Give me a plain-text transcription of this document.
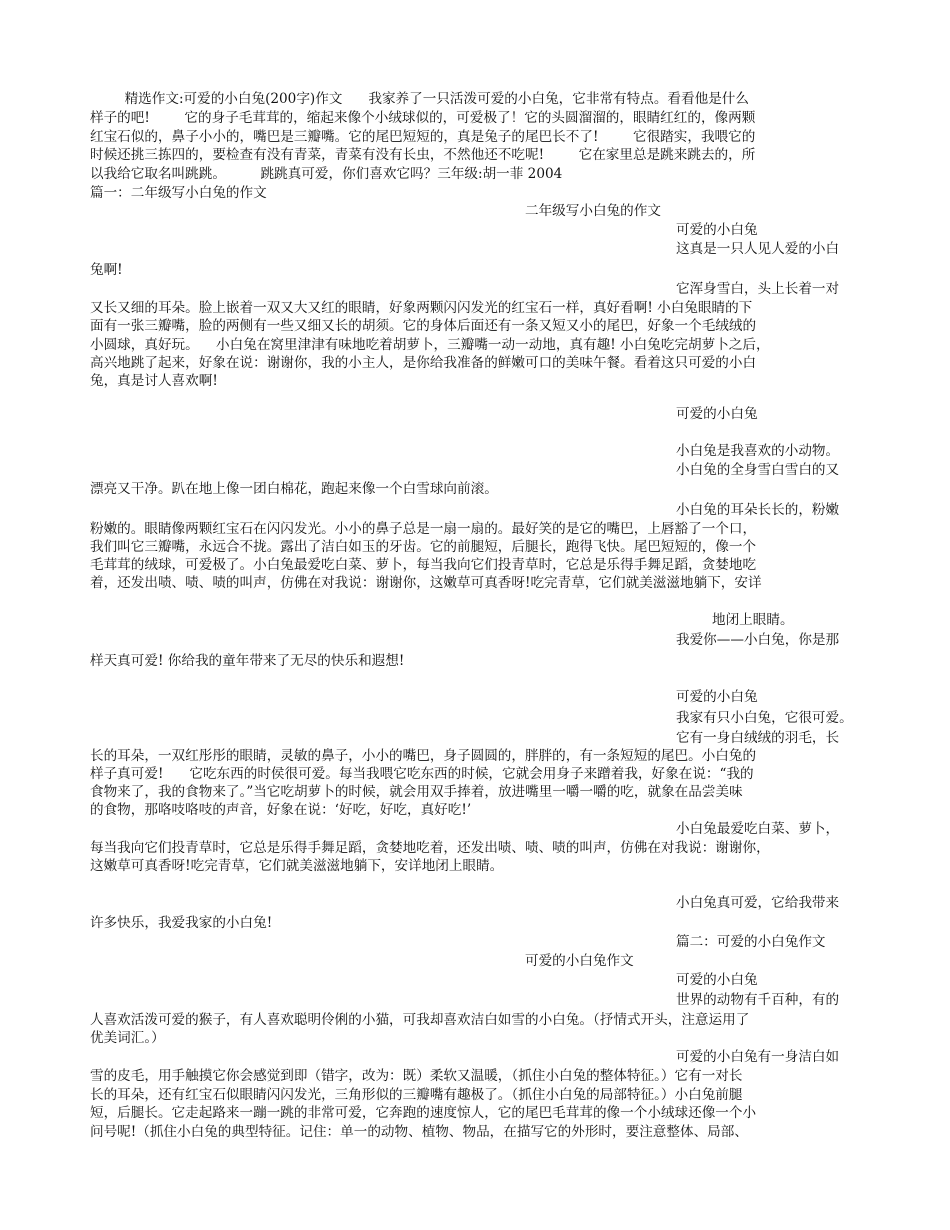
精选作文:可爱的小白兔(200字)作文      我家养了一只活泼可爱的小白兔，它非常有特点。看看他是什么
样子的吧!        它的身子毛茸茸的，缩起来像个小绒球似的，可爱极了！它的头圆溜溜的，眼睛红红的，像两颗
红宝石似的，鼻子小小的，嘴巴是三瓣嘴。它的尾巴短短的，真是兔子的尾巴长不了!        它很踏实，我喂它的
时候还挑三拣四的，要检查有没有青菜，青菜有没有长虫，不然他还不吃呢!        它在家里总是跳来跳去的，所
以我给它取名叫跳跳。        跳跳真可爱，你们喜欢它吗？三年级:胡一菲 2004
篇一：二年级写小白兔的作文
二年级写小白兔的作文
可爱的小白兔
这真是一只人见人爱的小白
兔啊!
它浑身雪白，头上长着一对
又长又细的耳朵。脸上嵌着一双又大又红的眼睛，好象两颗闪闪发光的红宝石一样，真好看啊! 小白兔眼睛的下
面有一张三瓣嘴，脸的两侧有一些又细又长的胡须。它的身体后面还有一条又短又小的尾巴，好象一个毛绒绒的
小圆球，真好玩。    小白兔在窝里津津有味地吃着胡萝卜，三瓣嘴一动一动地，真有趣! 小白兔吃完胡萝卜之后，
高兴地跳了起来，好象在说：谢谢你，我的小主人，是你给我准备的鲜嫩可口的美味午餐。看着这只可爱的小白
兔，真是讨人喜欢啊!
可爱的小白兔
小白兔是我喜欢的小动物。
小白兔的全身雪白雪白的又
漂亮又干净。趴在地上像一团白棉花，跑起来像一个白雪球向前滚。
小白兔的耳朵长长的，粉嫩
粉嫩的。眼睛像两颗红宝石在闪闪发光。小小的鼻子总是一扇一扇的。最好笑的是它的嘴巴，上唇豁了一个口，
我们叫它三瓣嘴，永远合不拢。露出了洁白如玉的牙齿。它的前腿短，后腿长，跑得飞快。尾巴短短的，像一个
毛茸茸的绒球，可爱极了。小白兔最爱吃白菜、萝卜，每当我向它们投青草时，它总是乐得手舞足蹈，贪婪地吃
着，还发出啧、啧、啧的叫声，仿佛在对我说：谢谢你，这嫩草可真香呀!吃完青草，它们就美滋滋地躺下，安详
地闭上眼睛。
我爱你——小白兔，你是那
样天真可爱! 你给我的童年带来了无尽的快乐和遐想!
可爱的小白兔
我家有只小白兔，它很可爱。
它有一身白绒绒的羽毛，长
长的耳朵，一双红彤彤的眼睛，灵敏的鼻子，小小的嘴巴，身子圆圆的，胖胖的，有一条短短的尾巴。小白兔的
样子真可爱!      它吃东西的时侯很可爱。每当我喂它吃东西的时候，它就会用身子来蹭着我，好象在说：“我的
食物来了，我的食物来了。”当它吃胡萝卜的时候，就会用双手捧着，放进嘴里一嚼一嚼的吃，就象在品尝美味
的食物，那咯吱咯吱的声音，好象在说：‘好吃，好吃，真好吃!’
小白兔最爱吃白菜、萝卜，
每当我向它们投青草时，它总是乐得手舞足蹈，贪婪地吃着，还发出啧、啧、啧的叫声，仿佛在对我说：谢谢你，
这嫩草可真香呀!吃完青草，它们就美滋滋地躺下，安详地闭上眼睛。
小白兔真可爱，它给我带来
许多快乐，我爱我家的小白兔!
篇二：可爱的小白兔作文
可爱的小白兔作文
可爱的小白兔
世界的动物有千百种，有的
人喜欢活泼可爱的猴子，有人喜欢聪明伶俐的小猫，可我却喜欢洁白如雪的小白兔。（抒情式开头，注意运用了
优美词汇。）
可爱的小白兔有一身洁白如
雪的皮毛，用手触摸它你会感觉到即（错字，改为：既）柔软又温暖，（抓住小白兔的整体特征。）它有一对长
长的耳朵，还有红宝石似眼睛闪闪发光，三角形似的三瓣嘴有趣极了。（抓住小白兔的局部特征。）小白兔前腿
短，后腿长。它走起路来一蹦一跳的非常可爱，它奔跑的速度惊人，它的尾巴毛茸茸的像一个小绒球还像一个小
问号呢!（抓住小白兔的典型特征。记住：单一的动物、植物、物品，在描写它的外形时，要注意整体、局部、
